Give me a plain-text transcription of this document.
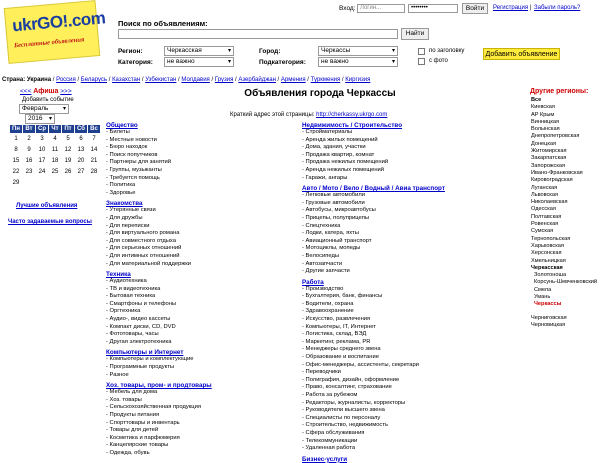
ukrGO!.com
Бесплатные объявления
Вход: Логин...	••••••••	Войти	Регистрация | Забыли пароль?
Поиск по объявлениям:
Найти
Регион:	Черкасская ▾
Категория:	не важно ▾
Город:	Черкассы ▾
Подкатегория:	не важно ▾
по заголовку
с фото
Добавить объявление
Страна: Украина / Россия / Беларусь / Казахстан / Узбекистан / Молдавия / Грузия / Азербайджан / Армения / Туркмения / Киргизия
<<< Афиша >>>
Добавить событие
Февраль ▾
2016 ▾
Пн	Вт	Ср	Чт	Пт	Сб	Вс
1	2	3	4	5	6	7
8	9	10	11	12	13	14
15	16	17	18	19	20	21
22	23	24	25	26	27	28
29						
Лучшие объявления
Часто задаваемые вопросы
Объявления города Черкассы
Краткий адрес этой страницы: http://cherkassy.ukrgo.com
Общество
- Билеты
- Местные новости
- Бюро находок
- Поиск попутчиков
- Партнеры для занятий
- Группы, музыканты
- Требуется помощь
- Политика
- Здоровье
Знакомства
- Утерянные связи
- Для дружбы
- Для переписки
- Для виртуального романа
- Для совместного отдыха
- Для серьезных отношений
- Для интимных отношений
- Для материальной поддержки
Техника
- Аудиотехника
- ТВ и видеотехника
- Бытовая техника
- Смартфоны и телефоны
- Оргтехника
- Аудио-, видео кассеты
- Компакт диски, CD, DVD
- Фототовары, часы
- Другая электротехника
Компьютеры и Интернет
- Компьютеры и комплектующие
- Программные продукты
- Разное
Хоз. товары, пром- и продтовары
- Мебель для дома
- Хоз. товары
- Сельскохозяйственная продукция
- Продукты питания
- Спорттовары и инвентарь
- Товары для детей
- Косметика и парфюмерия
- Канцелярские товары
- Одежда, обувь
Недвижимость / Строительство
- Стройматериалы
- Аренда жилых помещений
- Дома, здания, участки
- Продажа квартир, комнат
- Продажа нежилых помещений
- Аренда нежилых помещений
- Гаражи, ангары
Авто / Мото / Вело / Водный / Авиа транспорт
- Легковые автомобили
- Грузовые автомобили
- Автобусы, микроавтобусы
- Прицепы, полуприцепы
- Спецтехника
- Лодки, катера, яхты
- Авиационный транспорт
- Мотоциклы, мопеды
- Велосипеды
- Автозапчасти
- Другие запчасти
Работа
- Производство
- Бухгалтерия, банк, финансы
- Водители, охрана
- Здравоохранение
- Искусство, развлечения
- Компьютеры, IT, Интернет
- Логистика, склад, ВЭД
- Маркетинг, реклама, PR
- Менеджеры среднего звена
- Образование и воспитание
- Офис-менеджеры, ассистенты, секретари
- Переводчики
- Полиграфия, дизайн, оформление
- Право, консалтинг, страхование
- Работа за рубежом
- Редакторы, журналисты, корректоры
- Руководители высшего звена
- Специалисты по персоналу
- Строительство, недвижимость
- Сфера обслуживания
- Телекоммуникации
- Удаленная работа
Бизнес-услуги
Другие регионы:
Все
Киевская
АР Крым
Винницкая
Волынская
Днепропетровская
Донецкая
Житомирская
Закарпатская
Запорожская
Ивано-Франковская
Кировоградская
Луганская
Львовская
Николаевская
Одесская
Полтавская
Ровенская
Сумская
Тернопольская
Харьковская
Херсонская
Хмельницкая
Черкасская
Золотоноша
Корсунь-Шевченковский
Смела
Умань
Черкассы
Черниговская
Черновицкая
